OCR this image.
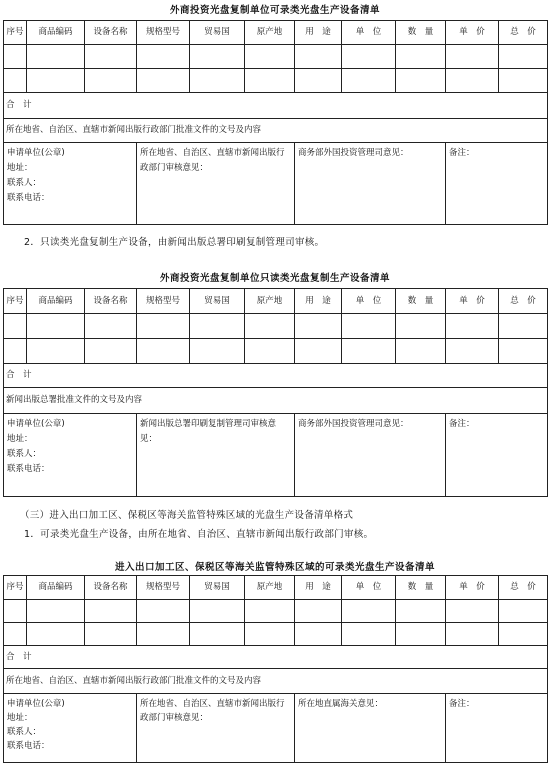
外商投资光盘复制单位可录类光盘生产设备清单
序号	商品编码	设备名称	规格型号	贸易国	原产地	用　途	单　位	数　量	单　价	总　价

合　计										
所在地省、自治区、直辖市新闻出版行政部门批准文件的文号及内容										

申请单位(公章)
地址：
联系人：
联系电话：			所在地省、自治区、直辖市新闻出版行政部门审核意见：			商务部外国投资管理司意见：			备注：	
2．只读类光盘复制生产设备，由新闻出版总署印刷复制管理司审核。
外商投资光盘复制单位只读类光盘复制生产设备清单
序号	商品编码	设备名称	规格型号	贸易国	原产地	用　途	单　位	数　量	单　价	总　价

合　计										
新闻出版总署批准文件的文号及内容										

申请单位(公章)
地址：
联系人：
联系电话：			新闻出版总署印刷复制管理司审核意见：			商务部外国投资管理司意见：			备注：	
（三）进入出口加工区、保税区等海关监管特殊区域的光盘生产设备清单格式
1．可录类光盘生产设备，由所在地省、自治区、直辖市新闻出版行政部门审核。
进入出口加工区、保税区等海关监管特殊区域的可录类光盘生产设备清单
序号	商品编码	设备名称	规格型号	贸易国	原产地	用　途	单　位	数　量	单　价	总　价

合　计										
所在地省、自治区、直辖市新闻出版行政部门批准文件的文号及内容										

申请单位(公章)
地址：
联系人：
联系电话：			所在地省、自治区、直辖市新闻出版行政部门审核意见：			所在地直属海关意见：			备注：	
